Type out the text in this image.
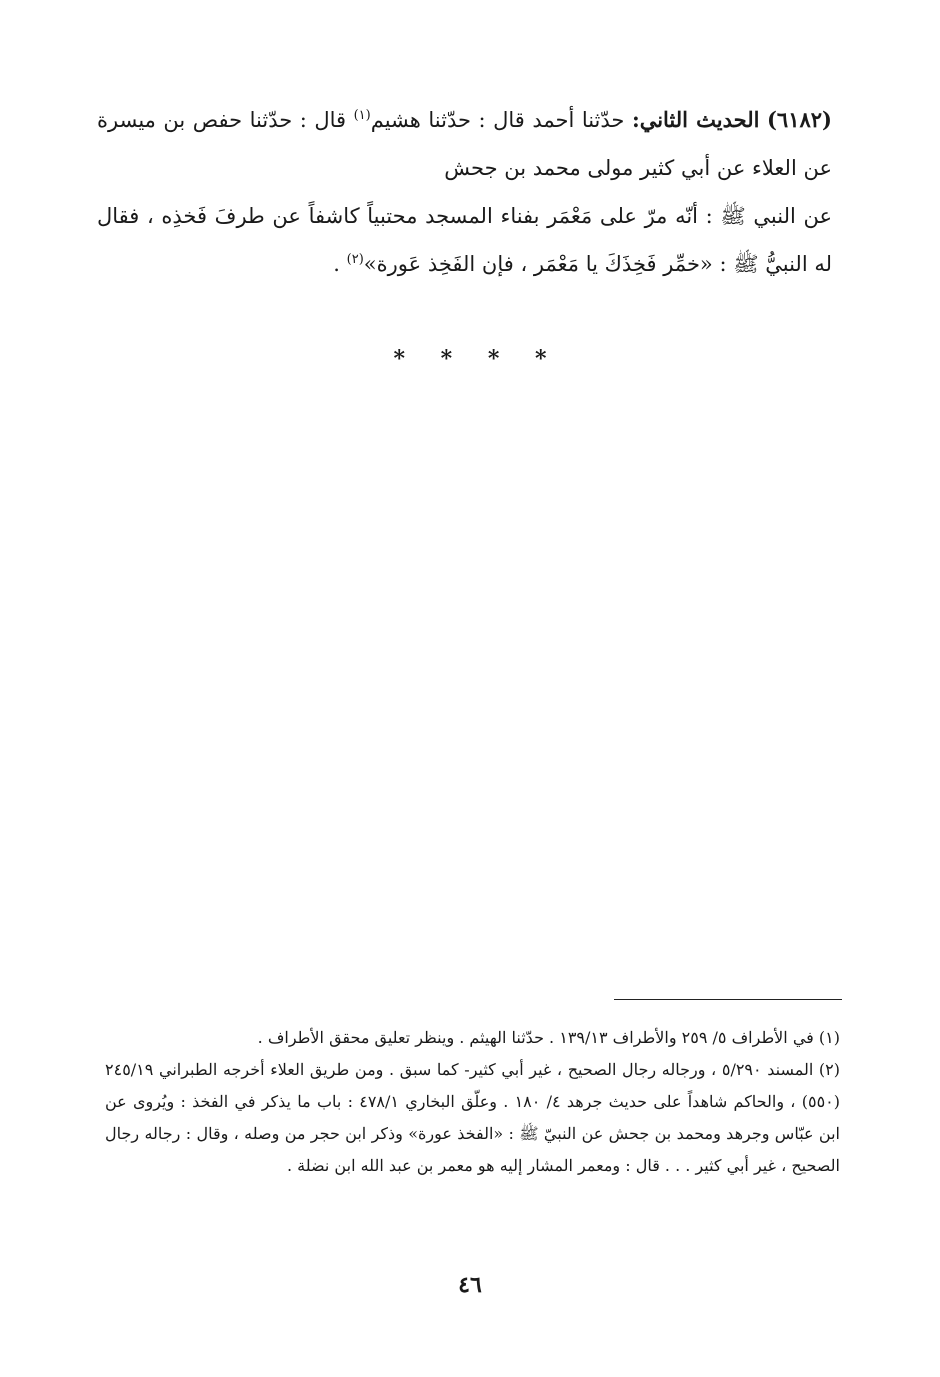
(٦١٨٢) الحديث الثاني: حدّثنا أحمد قال : حدّثنا هشيم$^{(١)}$ قال : حدّثنا حفص بن ميسرة عن العلاء عن أبي كثير مولى محمد بن جحش

عن النبي ﷺ : أنّه مرّ على مَعْمَر بفناء المسجد محتبياً كاشفاً عن طرفَ فَخذِه ، فقال له النبيُّ ﷺ : «خمِّر فَخِذَكَ يا مَعْمَر ، فإن الفَخِذ عَورة»$^{(٢)}$ .

* * * *

(١) في الأطراف ٥/ ٢٥٩ والأطراف ١٣٩/١٣ . حدّثنا الهيثم . وينظر تعليق محقق الأطراف .

(٢) المسند ٥/٢٩٠ ، ورجاله رجال الصحيح ، غير أبي كثير- كما سبق . ومن طريق العلاء أخرجه الطبراني ٢٤٥/١٩ (٥٥٠) ، والحاكم شاهداً على حديث جرهد ٤/ ١٨٠ . وعلّق البخاري ٤٧٨/١ : باب ما يذكر في الفخذ : ويُروى عن ابن عبّاس وجرهد ومحمد بن جحش عن النبيّ ﷺ : «الفخذ عورة» وذكر ابن حجر من وصله ، وقال : رجاله رجال الصحيح ، غير أبي كثير . . . قال : ومعمر المشار إليه هو معمر بن عبد الله ابن نضلة .

٤٦
